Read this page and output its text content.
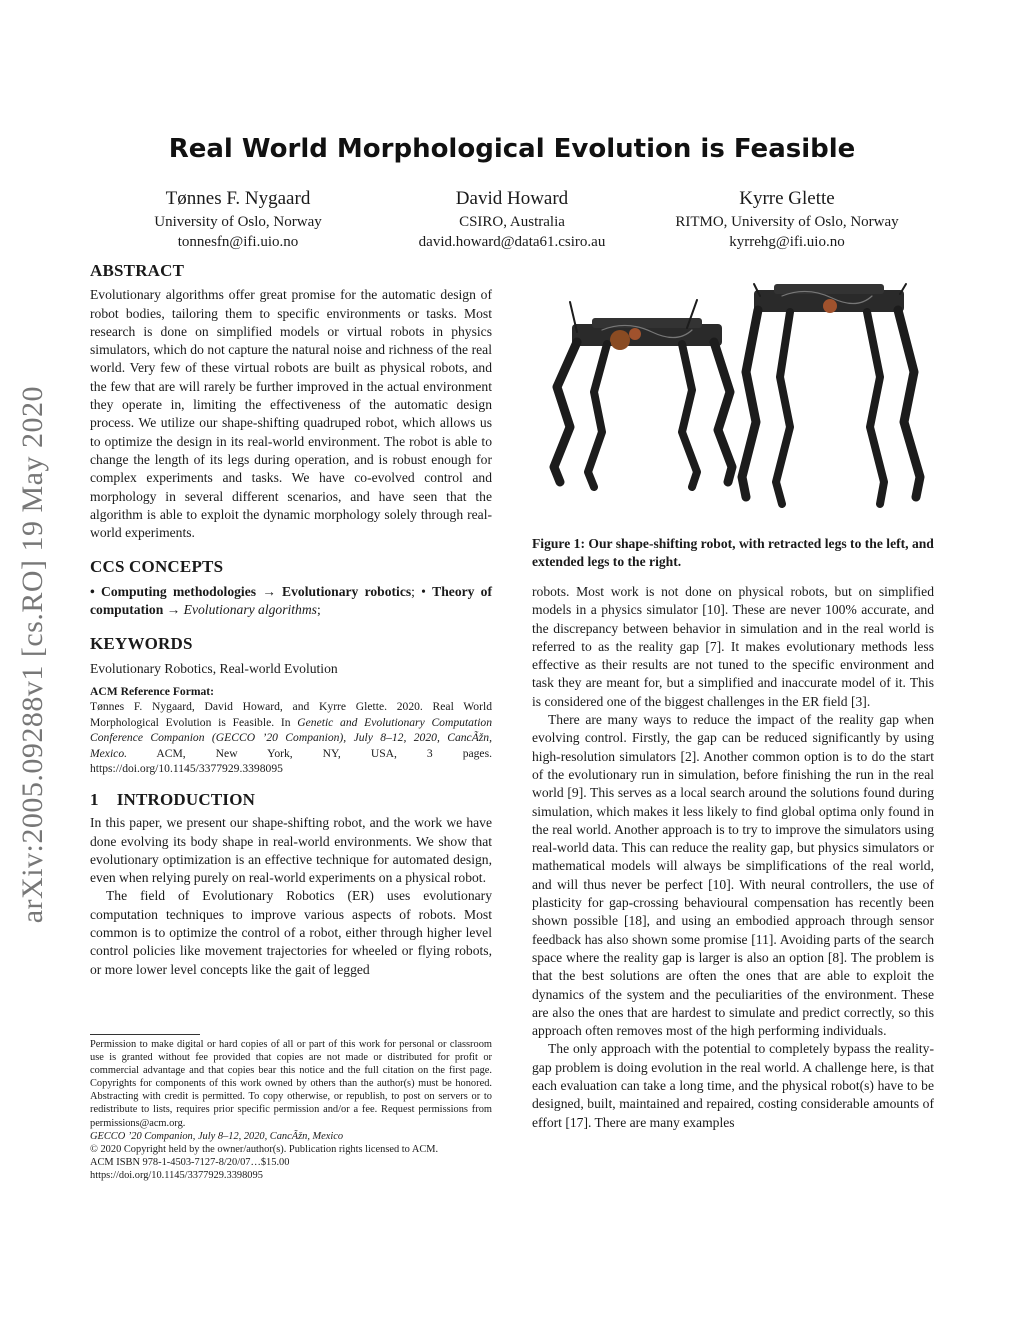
arXiv:2005.09288v1 [cs.RO] 19 May 2020
Real World Morphological Evolution is Feasible
Tønnes F. Nygaard
University of Oslo, Norway
tonnesfn@ifi.uio.no
David Howard
CSIRO, Australia
david.howard@data61.csiro.au
Kyrre Glette
RITMO, University of Oslo, Norway
kyrrehg@ifi.uio.no
ABSTRACT

Evolutionary algorithms offer great promise for the automatic design of robot bodies, tailoring them to specific environments or tasks. Most research is done on simplified models or virtual robots in physics simulators, which do not capture the natural noise and richness of the real world. Very few of these virtual robots are built as physical robots, and the few that are will rarely be further improved in the actual environment they operate in, limiting the effectiveness of the automatic design process. We utilize our shape-shifting quadruped robot, which allows us to optimize the design in its real-world environment. The robot is able to change the length of its legs during operation, and is robust enough for complex experiments and tasks. We have co-evolved control and morphology in several different scenarios, and have seen that the algorithm is able to exploit the dynamic morphology solely through real-world experiments.

CCS CONCEPTS

• Computing methodologies → Evolutionary robotics; • Theory of computation → Evolutionary algorithms;

KEYWORDS

Evolutionary Robotics, Real-world Evolution

ACM Reference Format:
Tønnes F. Nygaard, David Howard, and Kyrre Glette. 2020. Real World Morphological Evolution is Feasible. In Genetic and Evolutionary Computation Conference Companion (GECCO ’20 Companion), July 8–12, 2020, CancÃžn, Mexico. ACM, New York, NY, USA, 3 pages. https://doi.org/10.1145/3377929.3398095
1 INTRODUCTION

In this paper, we present our shape-shifting robot, and the work we have done evolving its body shape in real-world environments. We show that evolutionary optimization is an effective technique for automated design, even when relying purely on real-world experiments on a physical robot.

The field of Evolutionary Robotics (ER) uses evolutionary computation techniques to improve various aspects of robots. Most common is to optimize the control of a robot, either through higher level control policies like movement trajectories for wheeled or flying robots, or more lower level concepts like the gait of legged

Permission to make digital or hard copies of all or part of this work for personal or classroom use is granted without fee provided that copies are not made or distributed for profit or commercial advantage and that copies bear this notice and the full citation on the first page. Copyrights for components of this work owned by others than the author(s) must be honored. Abstracting with credit is permitted. To copy otherwise, or republish, to post on servers or to redistribute to lists, requires prior specific permission and/or a fee. Request permissions from permissions@acm.org.

GECCO ’20 Companion, July 8–12, 2020, CancÃžn, Mexico

© 2020 Copyright held by the owner/author(s). Publication rights licensed to ACM.

ACM ISBN 978-1-4503-7127-8/20/07…$15.00

https://doi.org/10.1145/3377929.3398095

Figure 1: Our shape-shifting robot, with retracted legs to the left, and extended legs to the right.

robots. Most work is not done on physical robots, but on simplified models in a physics simulator [10]. These are never 100% accurate, and the discrepancy between behavior in simulation and in the real world is referred to as the reality gap [7]. It makes evolutionary methods less effective as their results are not tuned to the specific environment and task they are meant for, but a simplified and inaccurate model of it. This is considered one of the biggest challenges in the ER field [3].

There are many ways to reduce the impact of the reality gap when evolving control. Firstly, the gap can be reduced significantly by using high-resolution simulators [2]. Another common option is to do the start of the evolutionary run in simulation, before finishing the run in the real world [9]. This serves as a local search around the solutions found during simulation, which makes it less likely to find global optima only found in the real world. Another approach is to try to improve the simulators using real-world data. This can reduce the reality gap, but physics simulators or mathematical models will always be simplifications of the real world, and will thus never be perfect [10]. With neural controllers, the use of plasticity for gap-crossing behavioural compensation has recently been shown possible [18], and using an embodied approach through sensor feedback has also shown some promise [11]. Avoiding parts of the search space where the reality gap is larger is also an option [8]. The problem is that the best solutions are often the ones that are able to exploit the dynamics of the system and the peculiarities of the environment. These are also the ones that are hardest to simulate and predict correctly, so this approach often removes most of the high performing individuals.

The only approach with the potential to completely bypass the reality-gap problem is doing evolution in the real world. A challenge here, is that each evaluation can take a long time, and the physical robot(s) have to be designed, built, maintained and repaired, costing considerable amounts of effort [17]. There are many examples
